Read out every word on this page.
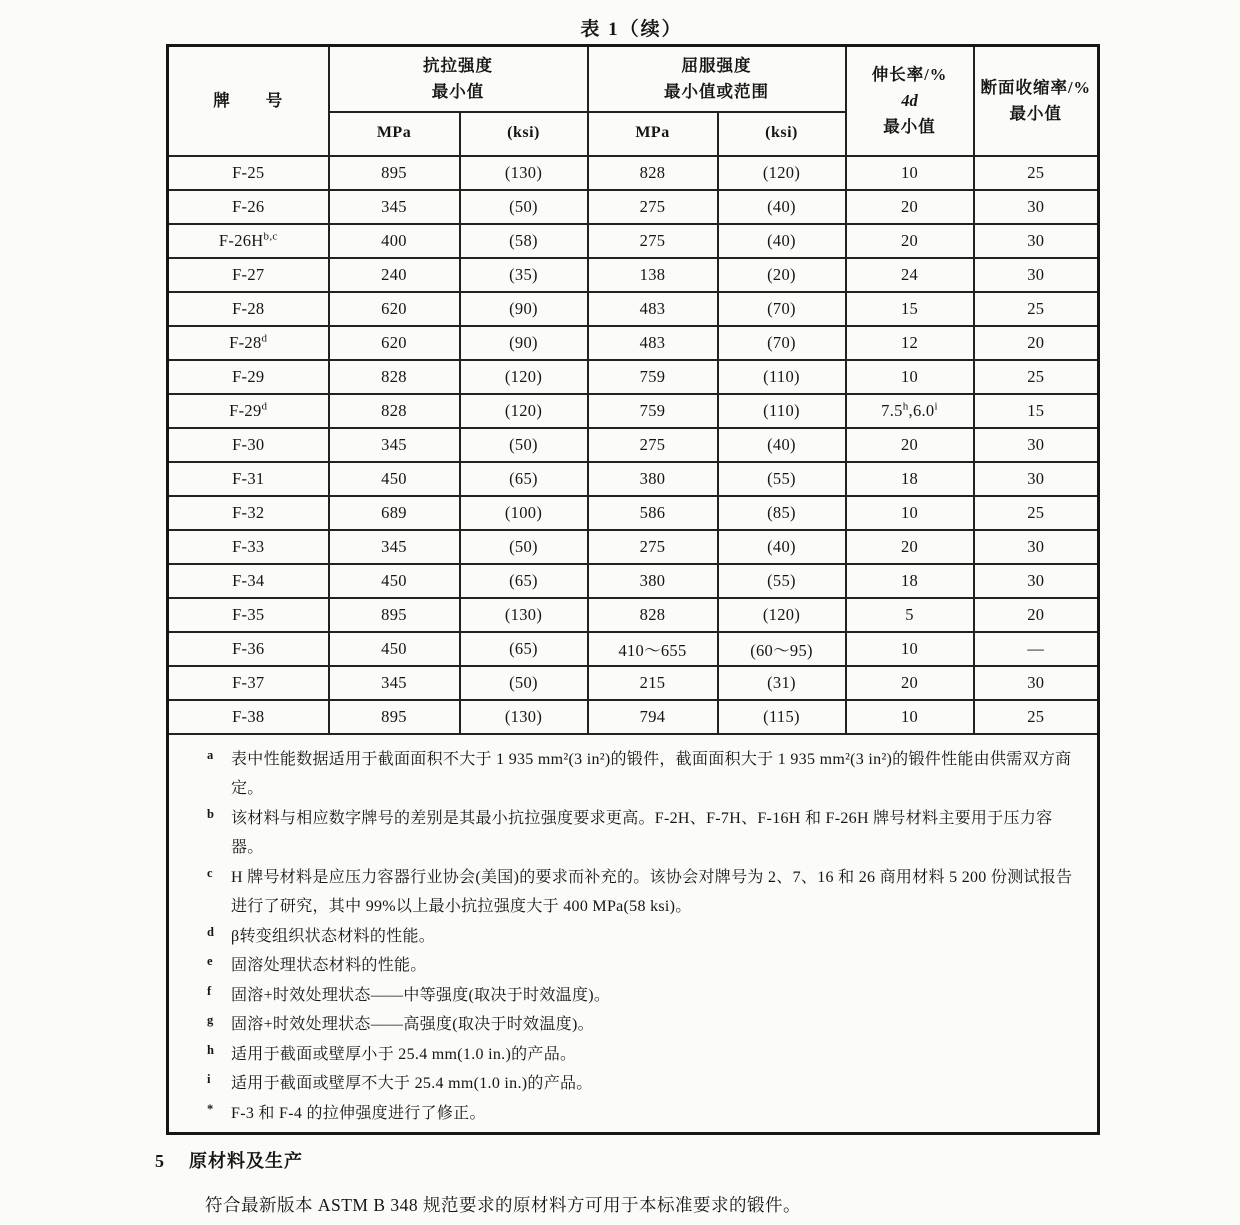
表 1（续）
牌　　号	
抗拉强度
最小值

屈服强度
最小值或范围

伸长率/%
4d
最小值

断面收缩率/%
最小值

	MPa	(ksi)	MPa	(ksi)		
F-25	895	(130)	828	(120)	10	25
F-26	345	(50)	275	(40)	20	30
$F-26H^{b,c}$	400	(58)	275	(40)	20	30
F-27	240	(35)	138	(20)	24	30
F-28	620	(90)	483	(70)	15	25
F-28$^d$	620	(90)	483	(70)	12	20
F-29	828	(120)	759	(110)	10	25
F-29$^d$	828	(120)	759	(110)	7.5$^h$,6.0$^i$	15
F-30	345	(50)	275	(40)	20	30
F-31	450	(65)	380	(55)	18	30
F-32	689	(100)	586	(85)	10	25
F-33	345	(50)	275	(40)	20	30
F-34	450	(65)	380	(55)	18	30
F-35	895	(130)	828	(120)	5	20
F-36	450	(65)	410～655	(60～95)	10	—
F-37	345	(50)	215	(31)	20	30
F-38	895	(130)	794	(115)	10	25

a 表中性能数据适用于截面面积不大于 1 935 mm²(3 in²)的锻件，截面面积大于 1 935 mm²(3 in²)的锻件性能由供需双方商定。
b 该材料与相应数字牌号的差别是其最小抗拉强度要求更高。F-2H、F-7H、F-16H 和 F-26H 牌号材料主要用于压力容器。
c H 牌号材料是应压力容器行业协会(美国)的要求而补充的。该协会对牌号为 2、7、16 和 26 商用材料 5 200 份测试报告进行了研究，其中 99%以上最小抗拉强度大于 400 MPa(58 ksi)。
d β转变组织状态材料的性能。
e 固溶处理状态材料的性能。
f 固溶+时效处理状态——中等强度(取决于时效温度)。
g 固溶+时效处理状态——高强度(取决于时效温度)。
h 适用于截面或壁厚小于 25.4 mm(1.0 in.)的产品。
i 适用于截面或壁厚不大于 25.4 mm(1.0 in.)的产品。
* F-3 和 F-4 的拉伸强度进行了修正。
5 原材料及生产

符合最新版本 ASTM B 348 规范要求的原材料方可用于本标准要求的锻件。
